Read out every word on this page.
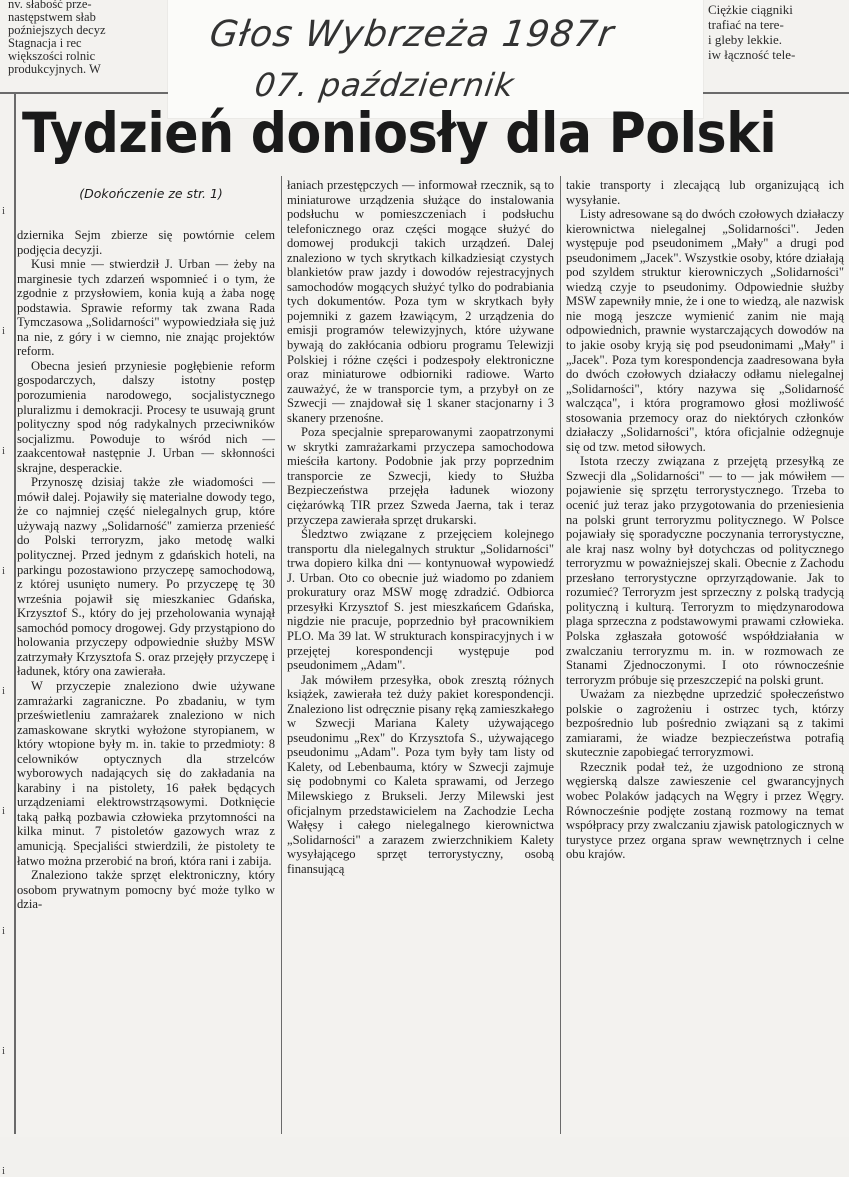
nv. słabość prze-
następstwem słab
poźniejszych decyz
Stagnacja i rec
większości rolnic
produkcyjnych. W
Ciężkie ciągniki
trafiać na tere-
i gleby lekkie.
iw łączność tele-
Głos Wybrzeża 1987r
07. październik
i
i
i
i
i
i
i
i
i
Tydzień doniosły dla Polski
(Dokończenie ze str. 1)

dziernika Sejm zbierze się powtórnie celem podjęcia decyzji.

Kusi mnie — stwierdził J. Urban — żeby na marginesie tych zdarzeń wspomnieć i o tym, że zgodnie z przysłowiem, konia kują a żaba nogę podstawia. Sprawie reformy tak zwana Rada Tymczasowa „Solidarności" wypowiedziała się już na nie, z góry i w ciemno, nie znając projektów reform.

Obecna jesień przyniesie pogłębienie reform gospodarczych, dalszy istotny postęp porozumienia narodowego, socjalistycznego pluralizmu i demokracji. Procesy te usuwają grunt polityczny spod nóg radykalnych przeciwników socjalizmu. Powoduje to wśród nich — zaakcentował następnie J. Urban — skłonności skrajne, desperackie.

Przynoszę dzisiaj także złe wiadomości — mówił dalej. Pojawiły się materialne dowody tego, że co najmniej część nielegalnych grup, które używają nazwy „Solidarność" zamierza przenieść do Polski terroryzm, jako metodę walki politycznej. Przed jednym z gdańskich hoteli, na parkingu pozostawiono przyczepę samochodową, z której usunięto numery. Po przyczepę tę 30 września pojawił się mieszkaniec Gdańska, Krzysztof S., który do jej przeholowania wynajął samochód pomocy drogowej. Gdy przystąpiono do holowania przyczepy odpowiednie służby MSW zatrzymały Krzysztofa S. oraz przejęły przyczepę i ładunek, który ona zawierała.

W przyczepie znaleziono dwie używane zamrażarki zagraniczne. Po zbadaniu, w tym prześwietleniu zamrażarek znaleziono w nich zamaskowane skrytki wyłożone styropianem, w który wtopione były m. in. takie to przedmioty: 8 celowników optycznych dla strzelców wyborowych nadających się do zakładania na karabiny i na pistolety, 16 pałek będących urządzeniami elektrowstrząsowymi. Dotknięcie taką pałką pozbawia człowieka przytomności na kilka minut. 7 pistoletów gazowych wraz z amunicją. Specjaliści stwierdzili, że pistolety te łatwo można przerobić na broń, która rani i zabija.

Znaleziono także sprzęt elektroniczny, który osobom prywatnym pomocny być może tylko w dzia-

łaniach przestępczych — informował rzecznik, są to miniaturowe urządzenia służące do instalowania podsłuchu w pomieszczeniach i podsłuchu telefonicznego oraz części mogące służyć do domowej produkcji takich urządzeń. Dalej znaleziono w tych skrytkach kilkadziesiąt czystych blankietów praw jazdy i dowodów rejestracyjnych samochodów mogących służyć tylko do podrabiania tych dokumentów. Poza tym w skrytkach były pojemniki z gazem łzawiącym, 2 urządzenia do emisji programów telewizyjnych, które używane bywają do zakłócania odbioru programu Telewizji Polskiej i różne części i podzespoły elektroniczne oraz miniaturowe odbiorniki radiowe. Warto zauważyć, że w transporcie tym, a przybył on ze Szwecji — znajdował się 1 skaner stacjonarny i 3 skanery przenośne.

Poza specjalnie spreparowanymi zaopatrzonymi w skrytki zamrażarkami przyczepa samochodowa mieściła kartony. Podobnie jak przy poprzednim transporcie ze Szwecji, kiedy to Służba Bezpieczeństwa przejęła ładunek wiozony ciężarówką TIR przez Szweda Jaerna, tak i teraz przyczepa zawierała sprzęt drukarski.

Śledztwo związane z przejęciem kolejnego transportu dla nielegalnych struktur „Solidarności" trwa dopiero kilka dni — kontynuował wypowiedź J. Urban. Oto co obecnie już wiadomo po zdaniem prokuratury oraz MSW mogę zdradzić. Odbiorca przesyłki Krzysztof S. jest mieszkańcem Gdańska, nigdzie nie pracuje, poprzednio był pracownikiem PLO. Ma 39 lat. W strukturach konspiracyjnych i w przejętej korespondencji występuje pod pseudonimem „Adam".

Jak mówiłem przesyłka, obok zresztą różnych książek, zawierała też duży pakiet korespondencji. Znaleziono list odręcznie pisany ręką zamieszkałego w Szwecji Mariana Kalety używającego pseudonimu „Rex" do Krzysztofa S., używającego pseudonimu „Adam". Poza tym były tam listy od Kalety, od Lebenbauma, który w Szwecji zajmuje się podobnymi co Kaleta sprawami, od Jerzego Milewskiego z Brukseli. Jerzy Milewski jest oficjalnym przedstawicielem na Zachodzie Lecha Wałęsy i całego nielegalnego kierownictwa „Solidarności" a zarazem zwierzchnikiem Kalety wysyłającego sprzęt terrorystyczny, osobą finansującą

takie transporty i zlecającą lub organizującą ich wysyłanie.

Listy adresowane są do dwóch czołowych działaczy kierownictwa nielegalnej „Solidarności". Jeden występuje pod pseudonimem „Mały" a drugi pod pseudonimem „Jacek". Wszystkie osoby, które działają pod szyldem struktur kierowniczych „Solidarności" wiedzą czyje to pseudonimy. Odpowiednie służby MSW zapewniły mnie, że i one to wiedzą, ale nazwisk nie mogą jeszcze wymienić zanim nie mają odpowiednich, prawnie wystarczających dowodów na to jakie osoby kryją się pod pseudonimami „Mały" i „Jacek". Poza tym korespondencja zaadresowana była do dwóch czołowych działaczy odłamu nielegalnej „Solidarności", który nazywa się „Solidarność walcząca", i która programowo głosi możliwość stosowania przemocy oraz do niektórych członków działaczy „Solidarności", która oficjalnie odżegnuje się od tzw. metod siłowych.

Istota rzeczy związana z przejętą przesyłką ze Szwecji dla „Solidarności" — to — jak mówiłem — pojawienie się sprzętu terrorystycznego. Trzeba to ocenić już teraz jako przygotowania do przeniesienia na polski grunt terroryzmu politycznego. W Polsce pojawiały się sporadyczne poczynania terrorystyczne, ale kraj nasz wolny był dotychczas od politycznego terroryzmu w poważniejszej skali. Obecnie z Zachodu przesłano terrorystyczne oprzyrządowanie. Jak to rozumieć? Terroryzm jest sprzeczny z polską tradycją polityczną i kulturą. Terroryzm to międzynarodowa plaga sprzeczna z podstawowymi prawami człowieka. Polska zgłaszała gotowość współdziałania w zwalczaniu terroryzmu m. in. w rozmowach ze Stanami Zjednoczonymi. I oto równocześnie terroryzm próbuje się przeszczepić na polski grunt.

Uważam za niezbędne uprzedzić społeczeństwo polskie o zagrożeniu i ostrzec tych, którzy bezpośrednio lub pośrednio związani są z takimi zamiarami, że wiadze bezpieczeństwa potrafią skutecznie zapobiegać terroryzmowi.

Rzecznik podał też, że uzgodniono ze stroną węgierską dalsze zawieszenie cel gwarancyjnych wobec Polaków jadących na Węgry i przez Węgry. Równocześnie podjęte zostaną rozmowy na temat współpracy przy zwalczaniu zjawisk patologicznych w turystyce przez organa spraw wewnętrznych i celne obu krajów.
